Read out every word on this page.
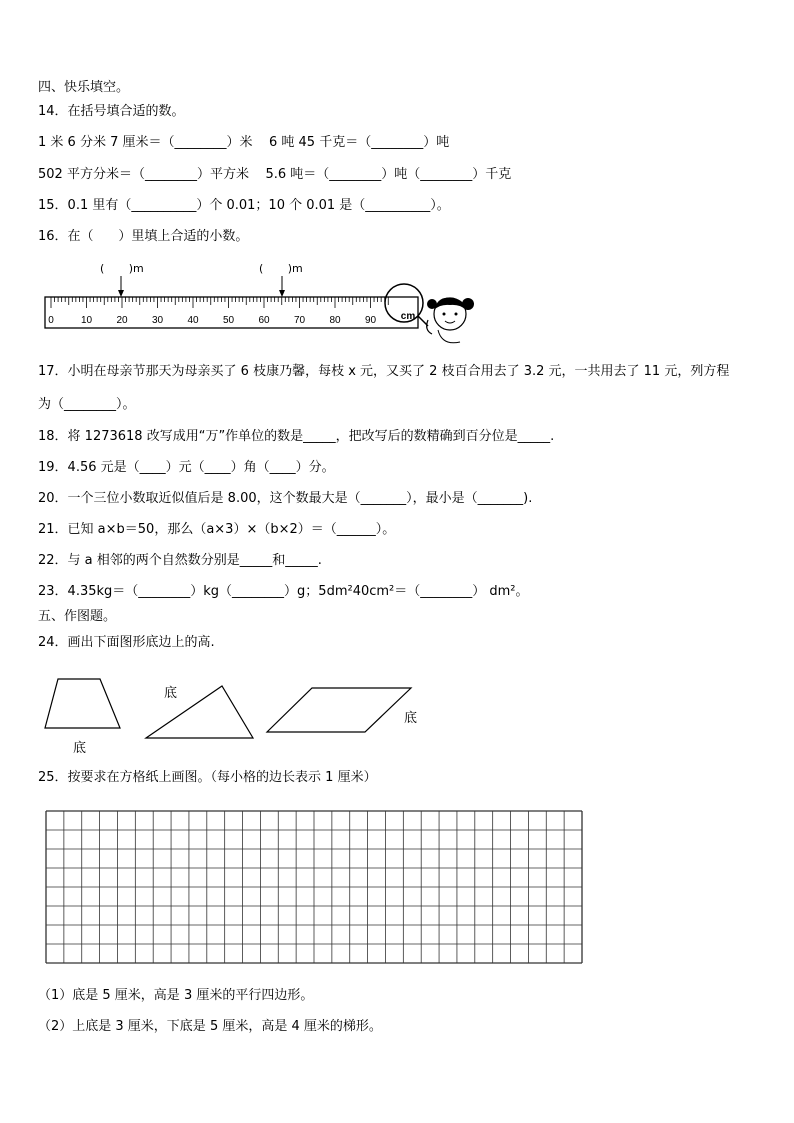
四、快乐填空。
14．在括号填合适的数。
1 米 6 分米 7 厘米＝（________）米    6 吨 45 千克＝（________）吨
502 平方分米＝（________）平方米    5.6 吨＝（________）吨（________）千克
15．0.1 里有（__________）个 0.01；10 个 0.01 是（__________）。
16．在（      ）里填上合适的小数。
(       )m	(       )m
0	10 20 30 40 50 60 70 80 90 cm
17．小明在母亲节那天为母亲买了 6 枝康乃馨，每枝 x 元，又买了 2 枝百合用去了 3.2 元，一共用去了 11 元，列方程
为（________）。
18．将 1273618 改写成用“万”作单位的数是_____，把改写后的数精确到百分位是_____.
19．4.56 元是（____）元（____）角（____）分。
20．一个三位小数取近似值后是 8.00，这个数最大是（_______），最小是（_______).
21．已知 a×b＝50，那么（a×3）×（b×2）＝（______）。
22．与 a 相邻的两个自然数分别是_____和_____.
23．4.35kg＝（________）kg（________）g；5dm²40cm²＝（________） dm²。
五、作图题。
24．画出下面图形底边上的高.
底
底
底
25．按要求在方格纸上画图。（每小格的边长表示 1 厘米）
（1）底是 5 厘米，高是 3 厘米的平行四边形。
（2）上底是 3 厘米，下底是 5 厘米，高是 4 厘米的梯形。
